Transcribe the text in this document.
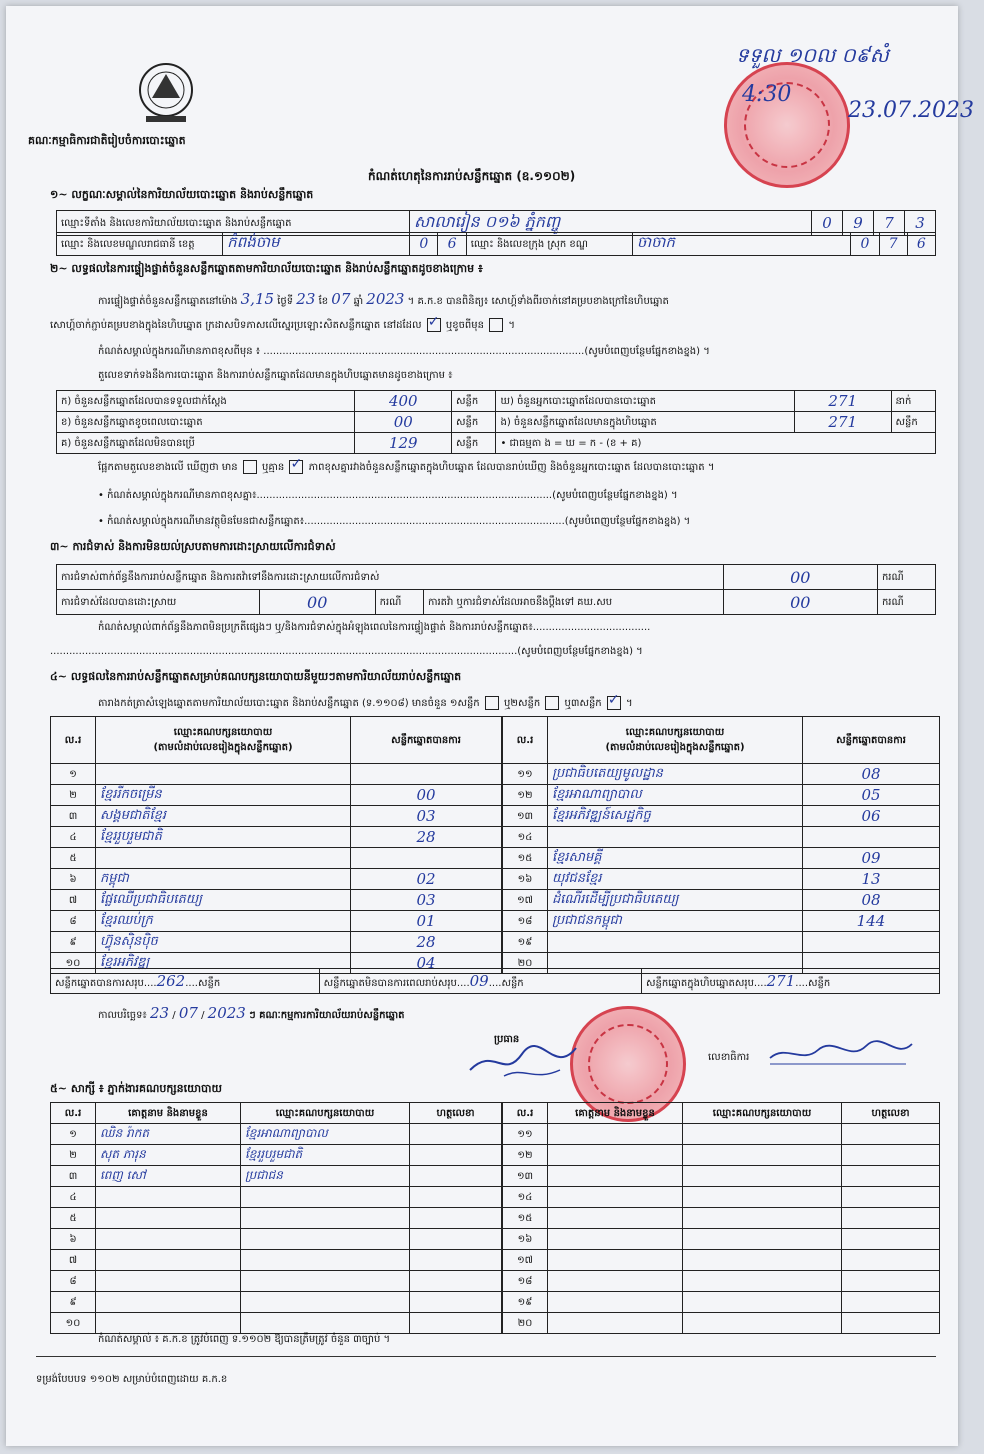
គណៈកម្មាធិការជាតិរៀបចំការបោះឆ្នោត
កំណត់ហេតុនៃការរាប់សន្លឹកឆ្នោត (ឧ.១១០២)
ទទួល ១០ល ០៩សំ
4:30
23.07.2023
១~ លក្ខណៈសម្គាល់នៃការិយាល័យបោះឆ្នោត និងរាប់សន្លឹកឆ្នោត
ឈ្មោះទីតាំង និងលេខការិយាល័យបោះឆ្នោត និងរាប់សន្លឹកឆ្នោត	សាលារៀន ០១៦ ភ្នំកញ្ចូ	0	9	7	3
ឈ្មោះ និងលេខមណ្ឌលរាជធានី ខេត្ត	កំពង់ចាម	0	6	ឈ្មោះ និងលេខក្រុង ស្រុក ខណ្ឌ	ចាចាក	0	7	6
២~ លទ្ធផលនៃការផ្ទៀងផ្ទាត់ចំនួនសន្លឹកឆ្នោតតាមការិយាល័យបោះឆ្នោត និងរាប់សន្លឹកឆ្នោតដូចខាងក្រោម ៖
ការផ្ទៀងផ្ទាត់ចំនួនសន្លឹកឆ្នោតនៅម៉ោង 3,15 ថ្ងៃទី 23 ខែ 07 ឆ្នាំ 2023 ។ គ.ក.ខ បានពិនិត្យ៖ សោហ្គ៍ទាំងពីរចាក់នៅគម្របខាងក្រៅនៃហិបឆ្នោត
សោហ្គ៍ចាក់ភ្ជាប់គម្របខាងក្នុងនៃហិបឆ្នោត ក្រដាសបិទភាសលើស្នេរប្រឡោះសិតសន្លឹកឆ្នោត នៅដដែល ✓ ឬខូចពីមុន  ។
កំណត់សម្គាល់ក្នុងករណីមានភាពខុសពីមុន ៖ .....................................................................................................(សូមបំពេញបន្ថែមផ្នែកខាងខ្នង) ។
តួលេខទាក់ទងនឹងការបោះឆ្នោត និងការរាប់សន្លឹកឆ្នោតដែលមានក្នុងហិបឆ្នោតមានដូចខាងក្រោម ៖
ក) ចំនួនសន្លឹកឆ្នោតដែលបានទទួលជាក់ស្តែង	400	សន្លឹក	ឃ) ចំនួនអ្នកបោះឆ្នោតដែលបានបោះឆ្នោត	271	នាក់
ខ) ចំនួនសន្លឹកឆ្នោតខូចពេលបោះឆ្នោត	00	សន្លឹក	ង) ចំនួនសន្លឹកឆ្នោតដែលមានក្នុងហិបឆ្នោត	271	សន្លឹក
គ) ចំនួនសន្លឹកឆ្នោតដែលមិនបានប្រើ	129	សន្លឹក	• ជាធម្មតា ង = ឃ = ក - (ខ + គ)		
ផ្អែកតាមតួលេខខាងលើ ឃើញថា មាន ឬគ្មាន ✓ ភាពខុសគ្នារវាងចំនួនសន្លឹកឆ្នោតក្នុងហិបឆ្នោត ដែលបានរាប់ឃើញ និងចំនួនអ្នកបោះឆ្នោត ដែលបានបោះឆ្នោត ។
• កំណត់សម្គាល់ក្នុងករណីមានភាពខុសគ្នា៖.............................................................................................(សូមបំពេញបន្ថែមផ្នែកខាងខ្នង) ។
• កំណត់សម្គាល់ក្នុងករណីមានវត្ថុមិនមែនជាសន្លឹកឆ្នោត៖..................................................................................(សូមបំពេញបន្ថែមផ្នែកខាងខ្នង) ។
៣~ ការជំទាស់ និងការមិនយល់ស្របតាមការដោះស្រាយលើការជំទាស់
ការជំទាស់ពាក់ព័ន្ធនឹងការរាប់សន្លឹកឆ្នោត និងការតវ៉ាទៅនឹងការដោះស្រាយលើការជំទាស់				00	ករណី
ការជំទាស់ដែលបានដោះស្រាយ	00	ករណី	ការតវ៉ា ឬការជំទាស់ដែលអាចនឹងប្តឹងទៅ គឃ.សប	00	ករណី
កំណត់សម្គាល់ពាក់ព័ន្ធនឹងភាពមិនប្រក្រតីផ្សេងៗ ឬ/និងការជំទាស់ក្នុងអំឡុងពេលនៃការផ្ទៀងផ្ទាត់ និងការរាប់សន្លឹកឆ្នោត៖.....................................
...................................................................................................................................................(សូមបំពេញបន្ថែមផ្នែកខាងខ្នង) ។
៤~ លទ្ធផលនៃការរាប់សន្លឹកឆ្នោតសម្រាប់គណបក្សនយោបាយនីមួយៗតាមការិយាល័យរាប់សន្លឹកឆ្នោត
តារាងកត់ត្រាសំឡេងឆ្នោតតាមការិយាល័យបោះឆ្នោត និងរាប់សន្លឹកឆ្នោត (ទ.១១០៨) មានចំនួន ១សន្លឹក ឬ២សន្លឹក ឬ៣សន្លឹក ✓ ។
ល.រ	ឈ្មោះគណបក្សនយោបាយ
(តាមលំដាប់លេខរៀងក្នុងសន្លឹកឆ្នោត)	សន្លឹកឆ្នោតបានការ
១		
២	ខ្មែររីកចម្រើន	00
៣	សង្គមជាតិខ្មែរ	03
៤	ខ្មែររួបរួមជាតិ	28
៥		
៦	កម្ពុជា	02
៧	ផ្លែឈើប្រជាធិបតេយ្យ	03
៨	ខ្មែរឈប់ក្រ	01
៩	ហ៊្វុនស៊ិនប៉ិច	28
១០	ខ្មែរអភិវឌ្ឍ	04
ល.រ	ឈ្មោះគណបក្សនយោបាយ
(តាមលំដាប់លេខរៀងក្នុងសន្លឹកឆ្នោត)	សន្លឹកឆ្នោតបានការ
១១	ប្រជាធិបតេយ្យមូលដ្ឋាន	08
១២	ខ្មែរអាណាព្យាបាល	05
១៣	ខ្មែរអភិវឌ្ឍន៍សេដ្ឋកិច្ច	06
១៤		
១៥	ខ្មែរសាមគ្គី	09
១៦	យុវជនខ្មែរ	13
១៧	ដំណើរដើម្បីប្រជាធិបតេយ្យ	08
១៨	ប្រជាជនកម្ពុជា	144
១៩		
២០		
សន្លឹកឆ្នោតបានការសរុប....262....សន្លឹក	សន្លឹកឆ្នោតមិនបានការពេលរាប់សរុប....09....សន្លឹក	សន្លឹកឆ្នោតក្នុងហិបឆ្នោតសរុប....271....សន្លឹក
កាលបរិច្ឆេទ៖ 23 / 07 / 2023 ៗ គណៈកម្មការការិយាល័យរាប់សន្លឹកឆ្នោត
ប្រធាន
លេខាធិការ
៥~ សាក្សី ៖ ភ្នាក់ងារគណបក្សនយោបាយ
ល.រ	គោត្តនាម និងនាមខ្លួន	ឈ្មោះគណបក្សនយោបាយ	ហត្ថលេខា
១	ឈិន រ៉ាកត	ខ្មែរអាណាព្យាបាល	
២	សុត ភារុន	ខ្មែររួបរួមជាតិ	
៣	ពេញ សៅ	ប្រជាជន	
៤			
៥			
៦			
៧			
៨			
៩			
១០			
ល.រ	គោត្តនាម និងនាមខ្លួន	ឈ្មោះគណបក្សនយោបាយ	ហត្ថលេខា
១១			
១២			
១៣			
១៤			
១៥			
១៦			
១៧			
១៨			
១៩			
២០			
កំណត់សម្គាល់ ៖ គ.ក.ខ ត្រូវបំពេញ ទ.១១០២ ឱ្យបានត្រឹមត្រូវ ចំនួន ៣ច្បាប់ ។
ទម្រង់បែបបទ ១១០២ សម្រាប់បំពេញដោយ គ.ក.ខ
